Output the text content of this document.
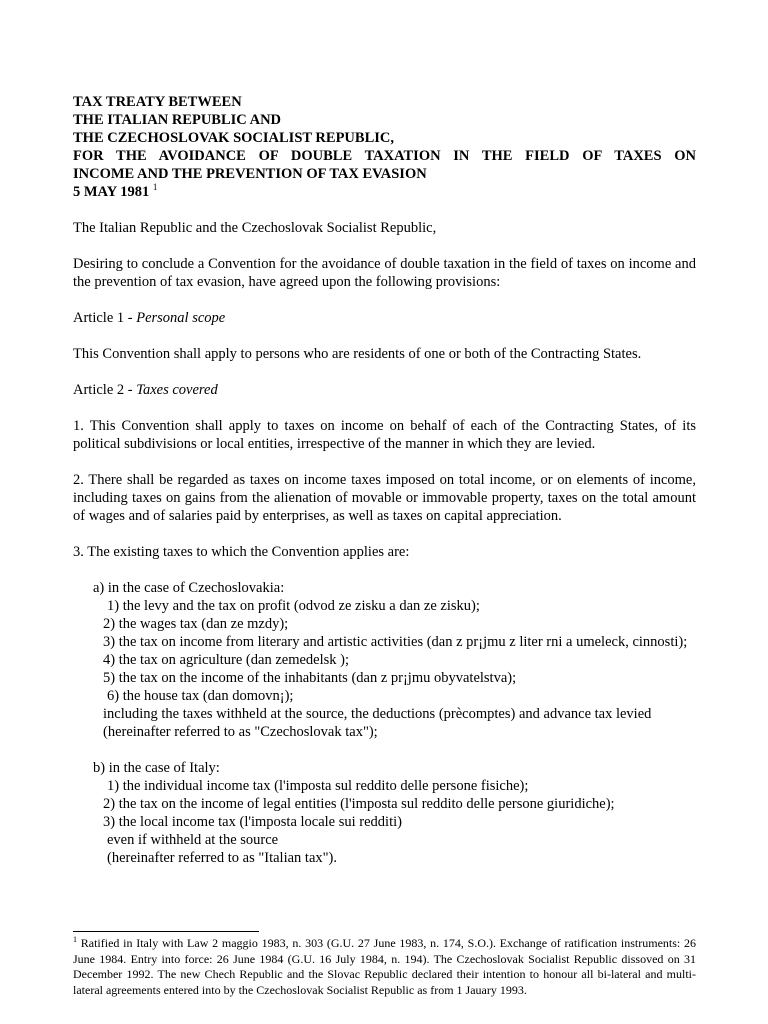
TAX TREATY BETWEEN
THE ITALIAN REPUBLIC AND
THE CZECHOSLOVAK SOCIALIST REPUBLIC,
FOR THE AVOIDANCE OF DOUBLE TAXATION IN THE FIELD OF TAXES ON
INCOME AND THE PREVENTION OF TAX EVASION
5 MAY 1981 $^1$

The Italian Republic and the Czechoslovak Socialist Republic,

Desiring to conclude a Convention for the avoidance of double taxation in the field of taxes on income and the prevention of tax evasion, have agreed upon the following provisions:

Article 1 - Personal scope

This Convention shall apply to persons who are residents of one or both of the Contracting States.

Article 2 - Taxes covered

1. This Convention shall apply to taxes on income on behalf of each of the Contracting States, of its political subdivisions or local entities, irrespective of the manner in which they are levied.

2. There shall be regarded as taxes on income taxes imposed on total income, or on elements of income, including taxes on gains from the alienation of movable or immovable property, taxes on the total amount of wages and of salaries paid by enterprises, as well as taxes on capital appreciation.

3. The existing taxes to which the Convention applies are:

a) in the case of Czechoslovakia:
1) the levy and the tax on profit (odvod ze zisku a dan ze zisku);
2) the wages tax (dan ze mzdy);
3) the tax on income from literary and artistic activities (dan z pr¡jmu z liter rni a umeleck, cinnosti);
4) the tax on agriculture (dan zemedelsk );
5) the tax on the income of the inhabitants (dan z pr¡jmu obyvatelstva);
6) the house tax (dan domovn¡);
including the taxes withheld at the source, the deductions (prècomptes) and advance tax levied
(hereinafter referred to as "Czechoslovak tax");
b) in the case of Italy:
1) the individual income tax (l'imposta sul reddito delle persone fisiche);
2) the tax on the income of legal entities (l'imposta sul reddito delle persone giuridiche);
3) the local income tax (l'imposta locale sui redditi)
even if withheld at the source
(hereinafter referred to as "Italian tax").
$^1$ Ratified in Italy with Law 2 maggio 1983, n. 303 (G.U. 27 June 1983, n. 174, S.O.). Exchange of ratification instruments: 26 June 1984. Entry into force: 26 June 1984 (G.U. 16 July 1984, n. 194). The Czechoslovak Socialist Republic dissoved on 31 December 1992. The new Chech Republic and the Slovac Republic declared their intention to honour all bi-lateral and multi-lateral agreements entered into by the Czechoslovak Socialist Republic as from 1 Jauary 1993.
